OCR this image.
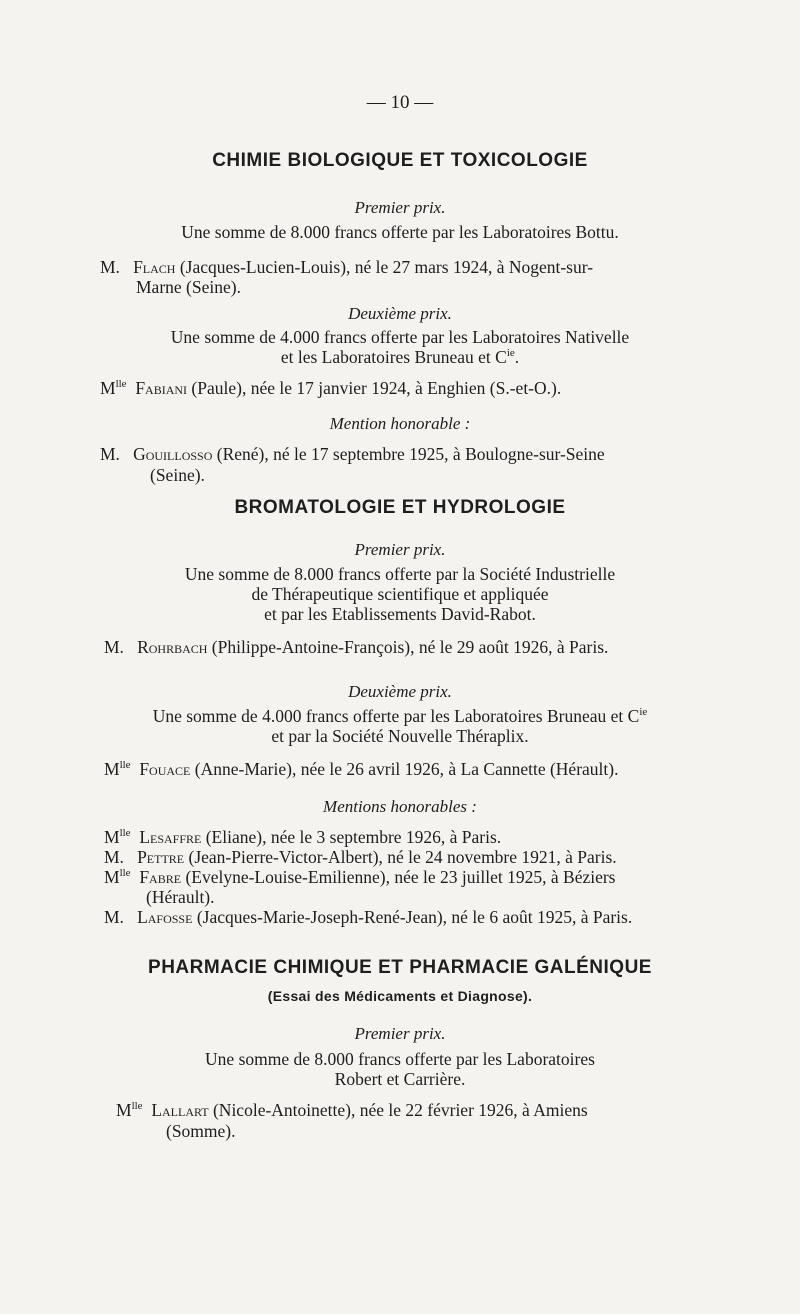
— 10 —
CHIMIE BIOLOGIQUE ET TOXICOLOGIE
Premier prix.
Une somme de 8.000 francs offerte par les Laboratoires Bottu.
M. Flach (Jacques-Lucien-Louis), né le 27 mars 1924, à Nogent-sur-
Marne (Seine).
Deuxième prix.
Une somme de 4.000 francs offerte par les Laboratoires Nativelle
et les Laboratoires Bruneau et $C^{ie}$.
$M^{lle}$ Fabiani (Paule), née le 17 janvier 1924, à Enghien (S.-et-O.).
Mention honorable :
M. Gouillosso (René), né le 17 septembre 1925, à Boulogne-sur-Seine
(Seine).
BROMATOLOGIE ET HYDROLOGIE
Premier prix.
Une somme de 8.000 francs offerte par la Société Industrielle
de Thérapeutique scientifique et appliquée
et par les Etablissements David-Rabot.
M. Rohrbach (Philippe-Antoine-François), né le 29 août 1926, à Paris.
Deuxième prix.
Une somme de 4.000 francs offerte par les Laboratoires Bruneau et $C^{ie}$
et par la Société Nouvelle Théraplix.
$M^{lle}$ Fouace (Anne-Marie), née le 26 avril 1926, à La Cannette (Hérault).
Mentions honorables :
$M^{lle}$ Lesaffre (Eliane), née le 3 septembre 1926, à Paris.
M. Pettre (Jean-Pierre-Victor-Albert), né le 24 novembre 1921, à Paris.
$M^{lle}$ Fabre (Evelyne-Louise-Emilienne), née le 23 juillet 1925, à Béziers
(Hérault).
M. Lafosse (Jacques-Marie-Joseph-René-Jean), né le 6 août 1925, à Paris.
PHARMACIE CHIMIQUE ET PHARMACIE GALÉNIQUE
(Essai des Médicaments et Diagnose).
Premier prix.
Une somme de 8.000 francs offerte par les Laboratoires
Robert et Carrière.
$M^{lle}$ Lallart (Nicole-Antoinette), née le 22 février 1926, à Amiens
(Somme).
